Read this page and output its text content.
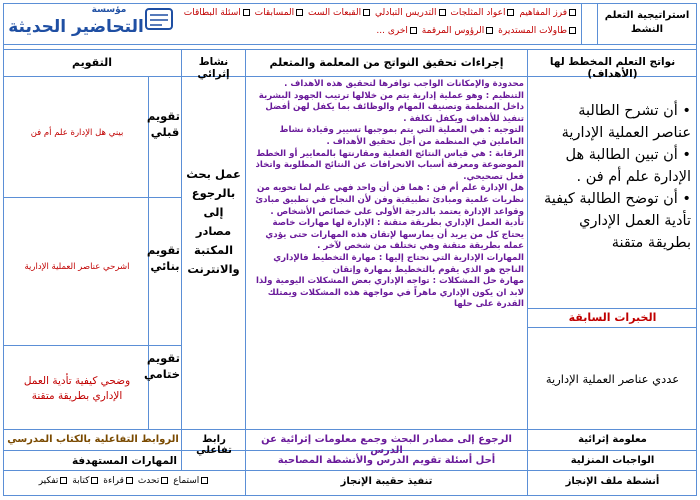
استراتيجية التعلم النشط
فرز المفاهيم أعواد المثلجات التدريس التبادلي القبعات الست المسابقات أسئلة البطاقات
طاولات المستديرة الرؤوس المرقمة أخرى ...
مؤسسة
التحاضير الحديثة
نواتج التعلم المخطط لها (الأهداف)
إجراءات تحقيق النواتج من المعلمة والمتعلم
نشاط إثرائي
التقويم
• أن تشرح الطالبة عناصر العملية الإدارية
• أن تبين الطالبة هل الإدارة علم أم فن .
• أن توضح الطالبة كيفية تأدية العمل الإداري بطريقة متقنة
الخبرات السابقة
عددي عناصر العملية الإدارية
محدودة والإمكانات الواجب توافرها لتحقيق هذه الأهداف .
التنظيم : وهو عملية إدارية يتم من خلالها ترتيب الجهود البشرية داخل المنظمة وتصنيف المهام والوظائف بما يكفل لهن أفضل تنفيذ للأهداف ويكفل تكلفة .
التوجيه : هي العملية التي يتم بموجبها تسيير وقيادة نشاط العاملين في المنظمة من أجل تحقيق الأهداف .
الرقابة : هي قياس النتائج الفعلية ومقارنتها بالمعايير أو الخطط الموضوعة ومعرفة أسباب الانحرافات عن النتائج المطلوبة واتخاذ فعل تصحيحي.
هل الإدارة علم أم فن : هما فن أن واحد فهي علم لما تحويه من نظريات علمية ومبادئ تطبيقية وفن لأن النجاح في تطبيق مبادئ وقواعد الإدارة يعتمد بالدرجة الأولى على خصائص الأشخاص .
تأدية العمل الإداري بطريقة متقنة : الإدارة لها مهارات خاصة يحتاج كل من يريد أن يمارسها لإتقان هذه المهارات حتى يؤدي عمله بطريقة متقنة وهي تختلف من شخص لآخر .
المهارات الإدارية التي نحتاج إليها : مهارة التخطيط فالإداري الناجح هو الذي يقوم بالتخطيط بمهارة وإتقان
مهارة حل المشكلات : تواجه الإداري بعض المشكلات اليومية ولذا لابد ان يكون الإداري ماهراً في مواجهة هذه المشكلات ويمتلك القدرة على حلها
عمل بحث بالرجوع إلى مصادر المكتبة والانترنت
تقويم قبلي
بيني هل الإدارة علم أم فن
تقويم بنائي
اشرحي عناصر العملية الإدارية
تقويم ختامي
وضحي كيفية تأدية العمل الإداري بطريقة متقنة
معلومة إثرائية
الرجوع إلى مصادر البحث وجمع معلومات إثرائية عن الدرس
رابط تفاعلي
الروابط التفاعلية بالكتاب المدرسي
الواجبات المنزلية
أحل أسئلة تقويم الدرس والأنشطة المصاحبة
المهارات المستهدفة
أنشطة ملف الإنجاز
تنفيذ حقيبة الإنجاز
استماع تحدث قراءة كتابة تفكير
